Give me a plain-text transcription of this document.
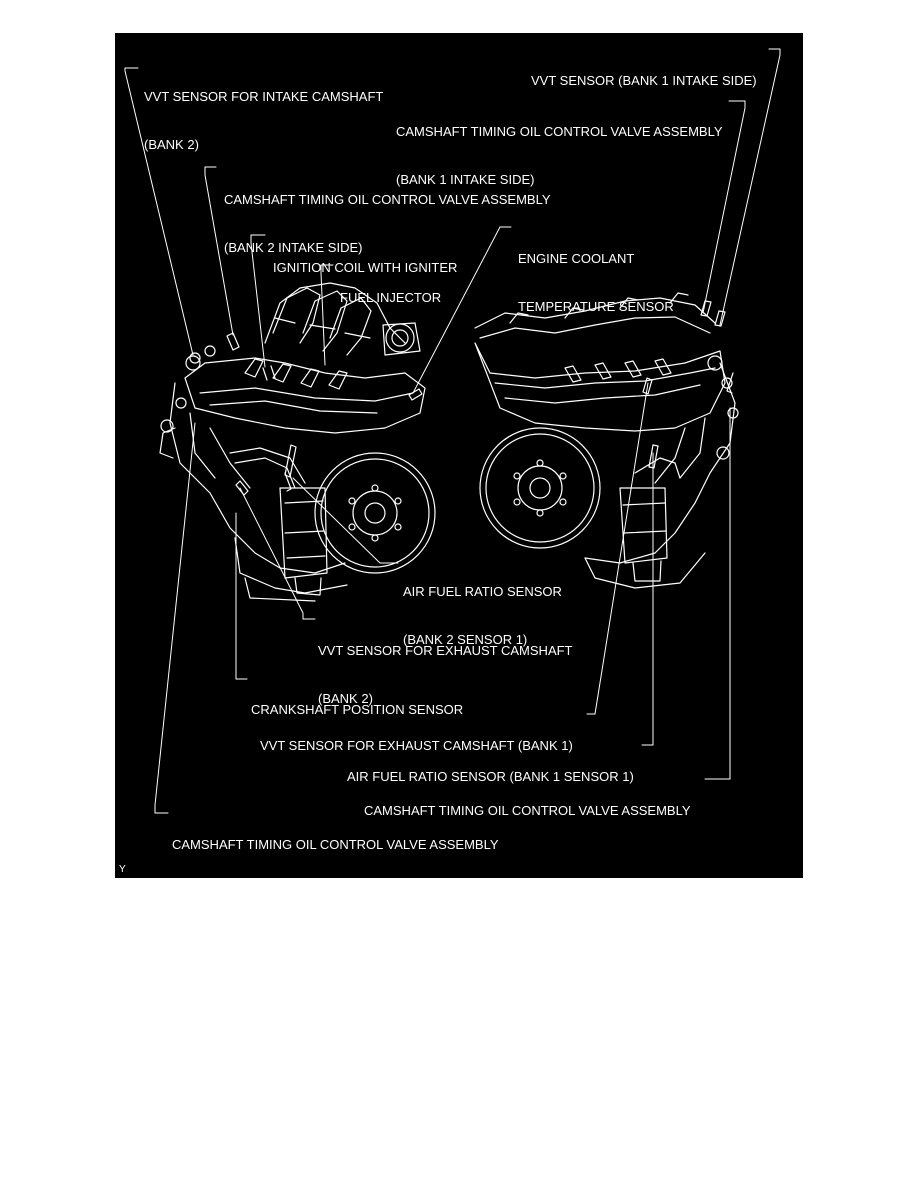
VVT SENSOR FOR INTAKE CAMSHAFT

(BANK 2)

VVT SENSOR (BANK 1 INTAKE SIDE)

CAMSHAFT TIMING OIL CONTROL VALVE ASSEMBLY

(BANK 1 INTAKE SIDE)

CAMSHAFT TIMING OIL CONTROL VALVE ASSEMBLY

(BANK 2 INTAKE SIDE)

IGNITION COIL WITH IGNITER

ENGINE COOLANT

TEMPERATURE SENSOR

FUEL INJECTOR

AIR FUEL RATIO SENSOR

(BANK 2 SENSOR 1)

VVT SENSOR FOR EXHAUST CAMSHAFT

(BANK 2)

CRANKSHAFT POSITION SENSOR

VVT SENSOR FOR EXHAUST CAMSHAFT (BANK 1)

AIR FUEL RATIO SENSOR (BANK 1 SENSOR 1)

CAMSHAFT TIMING OIL CONTROL VALVE ASSEMBLY

CAMSHAFT TIMING OIL CONTROL VALVE ASSEMBLY

(BANK 2 EXHAUST SIDE)

Y
